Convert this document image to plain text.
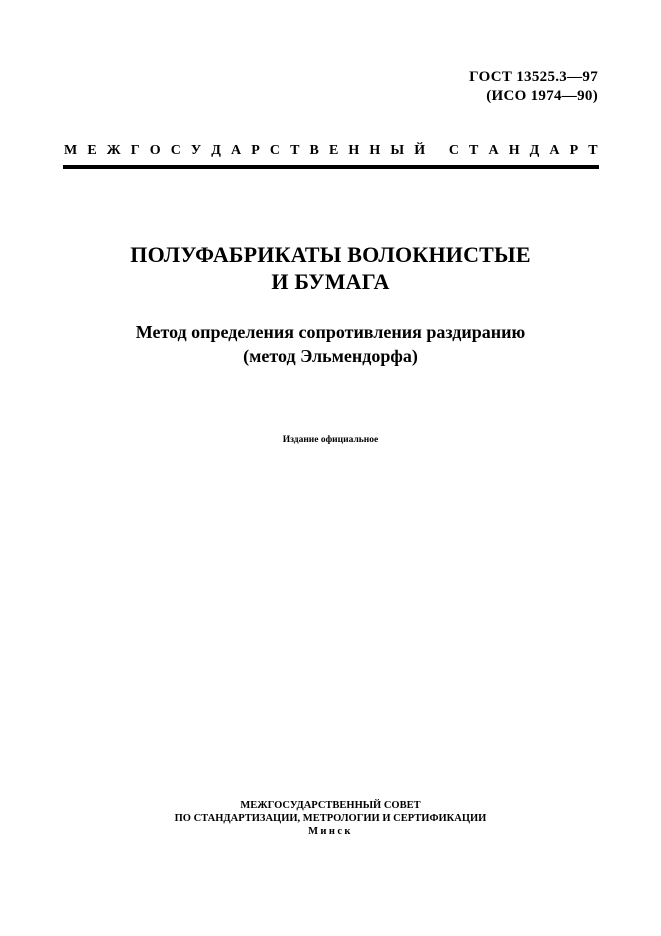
ГОСТ 13525.3—97
(ИСО 1974—90)
М Е Ж Г О С У Д А Р С Т В Е Н Н Ы Й
С Т А Н Д А Р Т
ПОЛУФАБРИКАТЫ ВОЛОКНИСТЫЕ
И БУМАГА
Метод определения сопротивления раздиранию
(метод Эльмендорфа)
Издание официальное
МЕЖГОСУДАРСТВЕННЫЙ СОВЕТ
ПО СТАНДАРТИЗАЦИИ, МЕТРОЛОГИИ И СЕРТИФИКАЦИИ
Минск
